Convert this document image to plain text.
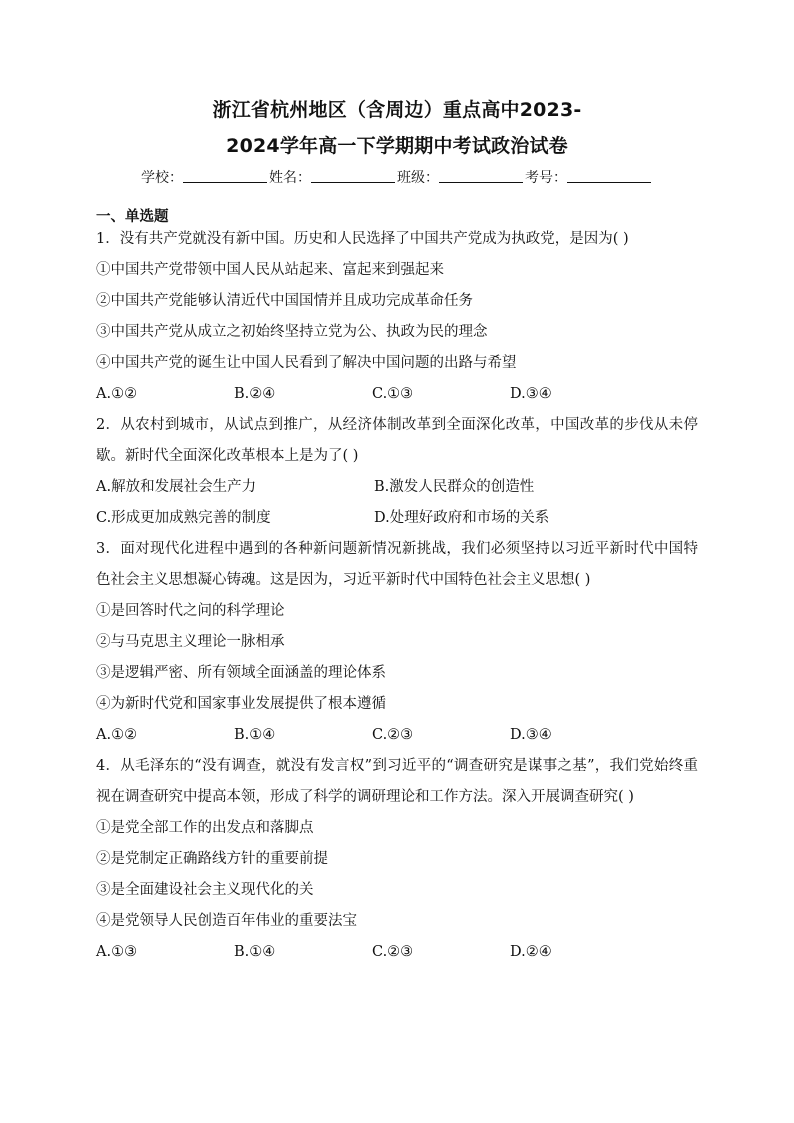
浙江省杭州地区（含周边）重点高中2023-
2024学年高一下学期期中考试政治试卷
学校：	姓名：	班级：	考号：
一、单选题
1．没有共产党就没有新中国。历史和人民选择了中国共产党成为执政党，是因为( )
①中国共产党带领中国人民从站起来、富起来到强起来
②中国共产党能够认清近代中国国情并且成功完成革命任务
③中国共产党从成立之初始终坚持立党为公、执政为民的理念
④中国共产党的诞生让中国人民看到了解决中国问题的出路与希望
A.①②	B.②④	C.①③	D.③④
2．从农村到城市，从试点到推广，从经济体制改革到全面深化改革，中国改革的步伐从未停歇。新时代全面深化改革根本上是为了( )
A.解放和发展社会生产力	B.激发人民群众的创造性
C.形成更加成熟完善的制度	D.处理好政府和市场的关系
3．面对现代化进程中遇到的各种新问题新情况新挑战，我们必须坚持以习近平新时代中国特色社会主义思想凝心铸魂。这是因为，习近平新时代中国特色社会主义思想( )
①是回答时代之问的科学理论
②与马克思主义理论一脉相承
③是逻辑严密、所有领域全面涵盖的理论体系
④为新时代党和国家事业发展提供了根本遵循
A.①②	B.①④	C.②③	D.③④
4．从毛泽东的“没有调查，就没有发言权”到习近平的“调查研究是谋事之基”，我们党始终重视在调查研究中提高本领，形成了科学的调研理论和工作方法。深入开展调查研究( )
①是党全部工作的出发点和落脚点
②是党制定正确路线方针的重要前提
③是全面建设社会主义现代化的关
④是党领导人民创造百年伟业的重要法宝
A.①③	B.①④	C.②③	D.②④
